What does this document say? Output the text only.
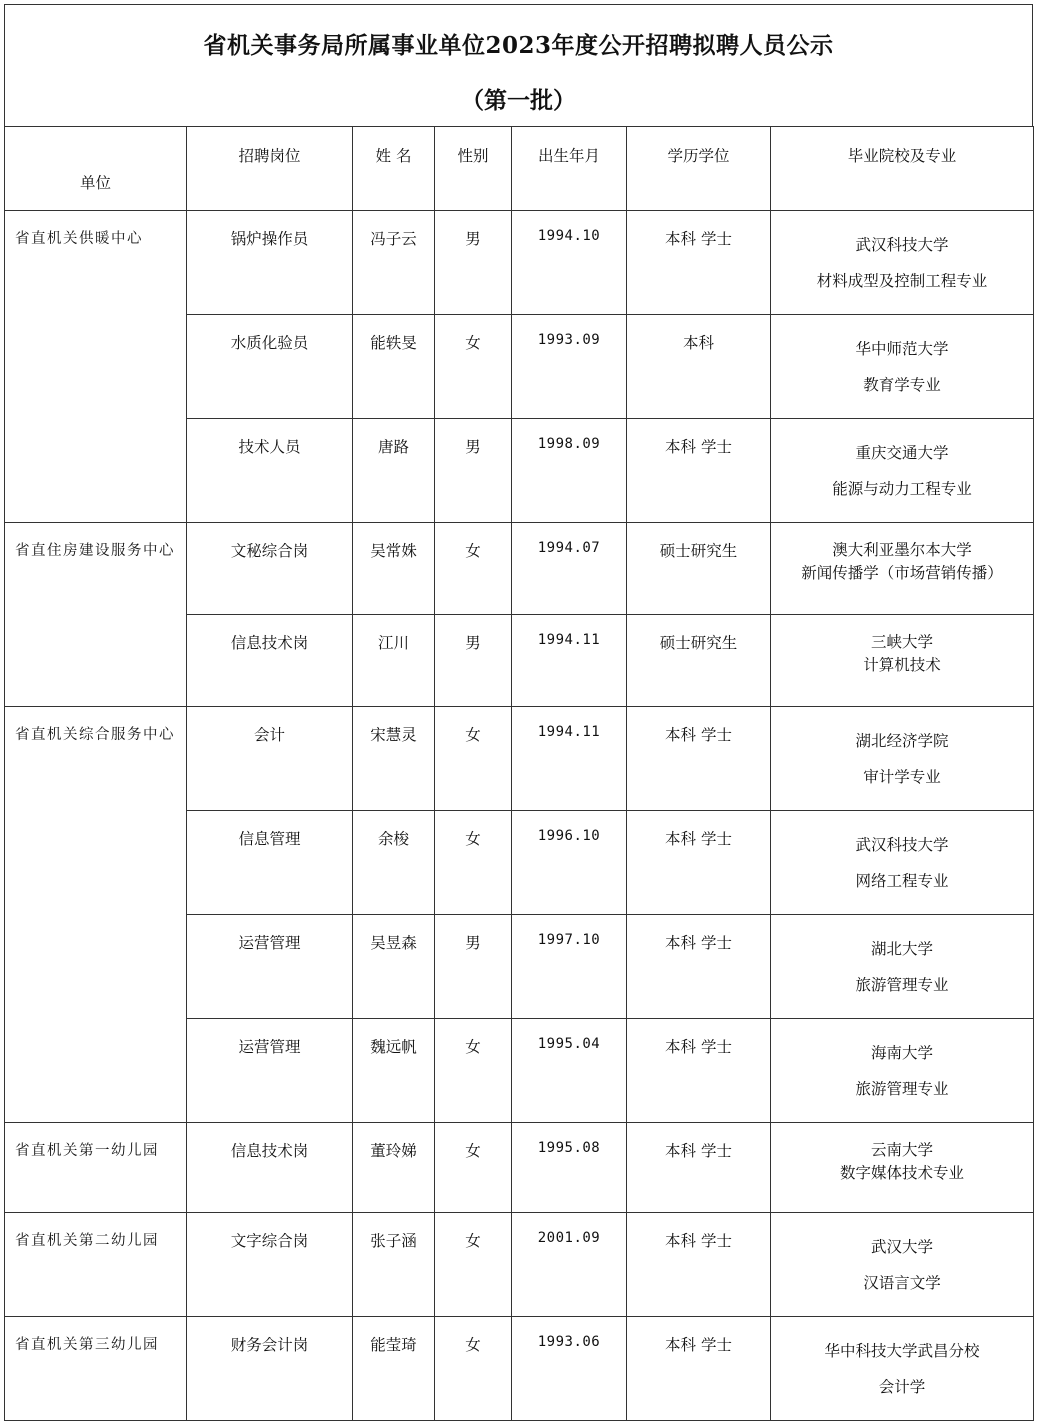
省机关事务局所属事业单位2023年度公开招聘拟聘人员公示
（第一批）
单位	招聘岗位	姓 名	性别	出生年月	学历学位	毕业院校及专业
省直机关供暖中心	锅炉操作员	冯子云	男	1994.10	本科 学士	武汉科技大学
材料成型及控制工程专业

	水质化验员	能轶旻	女	1993.09	本科	华中师范大学
教育学专业

	技术人员	唐路	男	1998.09	本科 学士	重庆交通大学
能源与动力工程专业

省直住房建设服务中心	文秘综合岗	吴常姝	女	1994.07	硕士研究生	澳大利亚墨尔本大学
新闻传播学（市场营销传播）

	信息技术岗	江川	男	1994.11	硕士研究生	三峡大学
计算机技术

省直机关综合服务中心	会计	宋慧灵	女	1994.11	本科 学士	湖北经济学院
审计学专业

	信息管理	余梭	女	1996.10	本科 学士	武汉科技大学
网络工程专业

	运营管理	吴昱森	男	1997.10	本科 学士	湖北大学
旅游管理专业

	运营管理	魏远帆	女	1995.04	本科 学士	海南大学
旅游管理专业

省直机关第一幼儿园	信息技术岗	董玲娣	女	1995.08	本科 学士	云南大学
数字媒体技术专业

省直机关第二幼儿园	文字综合岗	张子涵	女	2001.09	本科 学士	武汉大学
汉语言文学

省直机关第三幼儿园	财务会计岗	能莹琦	女	1993.06	本科 学士	华中科技大学武昌分校
会计学
